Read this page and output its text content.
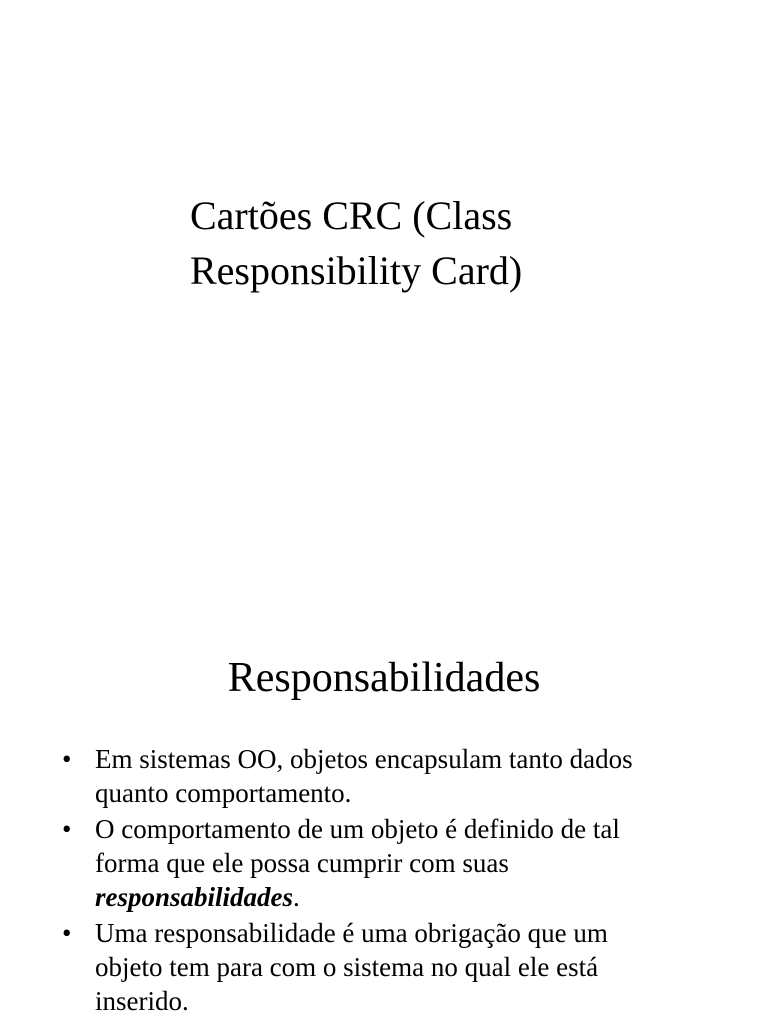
Cartões CRC (Class
Responsibility Card)
Responsabilidades
• Em sistemas OO, objetos encapsulam tanto dados
quanto comportamento.
• O comportamento de um objeto é definido de tal
forma que ele possa cumprir com suas
responsabilidades.
• Uma responsabilidade é uma obrigação que um
objeto tem para com o sistema no qual ele está
inserido.
